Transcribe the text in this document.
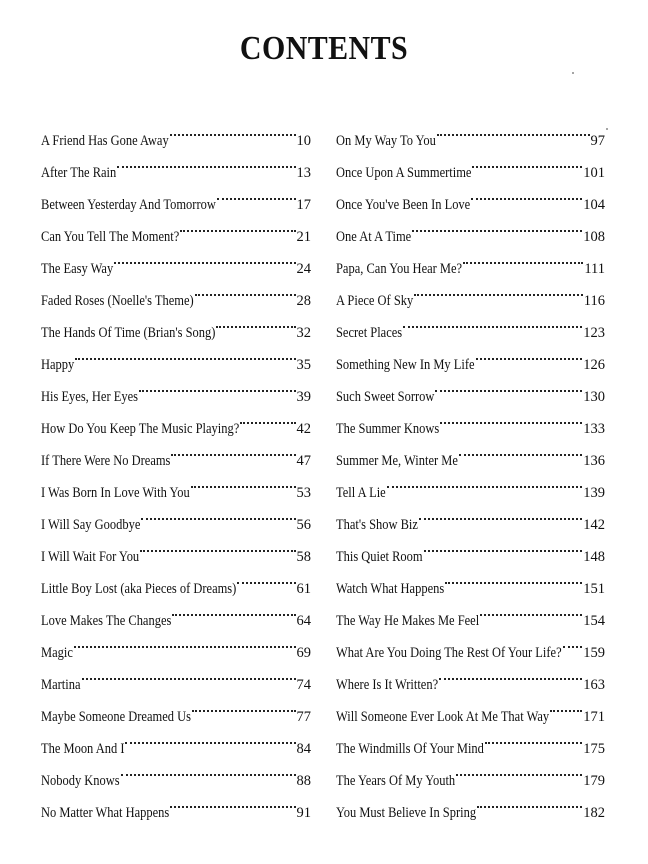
CONTENTS
A Friend Has Gone Away	10
After The Rain	13
Between Yesterday And Tomorrow	17
Can You Tell The Moment?	21
The Easy Way	24
Faded Roses (Noelle's Theme)	28
The Hands Of Time (Brian's Song)	32
Happy	35
His Eyes, Her Eyes	39
How Do You Keep The Music Playing?	42
If There Were No Dreams	47
I Was Born In Love With You	53
I Will Say Goodbye	56
I Will Wait For You	58
Little Boy Lost (aka Pieces of Dreams)	61
Love Makes The Changes	64
Magic	69
Martina	74
Maybe Someone Dreamed Us	77
The Moon And I	84
Nobody Knows	88
No Matter What Happens	91
On My Way To You	97
Once Upon A Summertime	101
Once You've Been In Love	104
One At A Time	108
Papa, Can You Hear Me?	111
A Piece Of Sky	116
Secret Places	123
Something New In My Life	126
Such Sweet Sorrow	130
The Summer Knows	133
Summer Me, Winter Me	136
Tell A Lie	139
That's Show Biz	142
This Quiet Room	148
Watch What Happens	151
The Way He Makes Me Feel	154
What Are You Doing The Rest Of Your Life? 159
Where Is It Written?	163
Will Someone Ever Look At Me That Way 171
The Windmills Of Your Mind	175
The Years Of My Youth	179
You Must Believe In Spring	182
